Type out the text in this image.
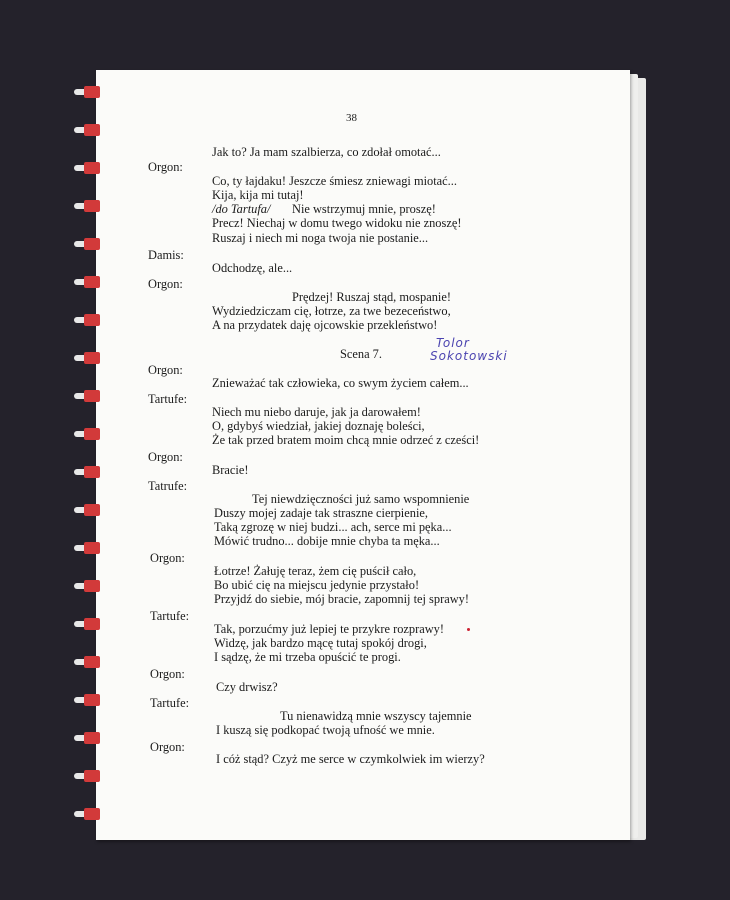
38
Orgon:
Damis:
Orgon:
Orgon:
Tartufe:
Orgon:
Tatrufe:
Orgon:
Tartufe:
Orgon:
Tartufe:
Orgon:
Jak to? Ja mam szalbierza, co zdołał omotać...
Co, ty łajdaku! Jeszcze śmiesz zniewagi miotać...
Kija, kija mi tutaj!
/do Tartufa/ Nie wstrzymuj mnie, proszę!
Precz! Niechaj w domu twego widoku nie znoszę!
Ruszaj i niech mi noga twoja nie postanie...
Odchodzę, ale...
Prędzej! Ruszaj stąd, mospanie!
Wydziedziczam cię, łotrze, za twe bezeceństwo,
A na przydatek daję ojcowskie przekleństwo!
Scena 7.
Tolor
Sokotowski
Znieważać tak człowieka, co swym życiem całem...
Niech mu niebo daruje, jak ja darowałem!
O, gdybyś wiedział, jakiej doznaję boleści,
Że tak przed bratem moim chcą mnie odrzeć z cześci!
Bracie!
Tej niewdzięczności już samo wspomnienie
Duszy mojej zadaje tak straszne cierpienie,
Taką zgrozę w niej budzi... ach, serce mi pęka...
Mówić trudno... dobije mnie chyba ta męka...
Łotrze! Żałuję teraz, żem cię puścił cało,
Bo ubić cię na miejscu jedynie przystało!
Przyjdź do siebie, mój bracie, zapomnij tej sprawy!
Tak, porzućmy już lepiej te przykre rozprawy!
Widzę, jak bardzo mącę tutaj spokój drogi,
I sądzę, że mi trzeba opuścić te progi.
Czy drwisz?
Tu nienawidzą mnie wszyscy tajemnie
I kuszą się podkopać twoją ufność we mnie.
I cóż stąd? Czyż me serce w czymkolwiek im wierzy?
